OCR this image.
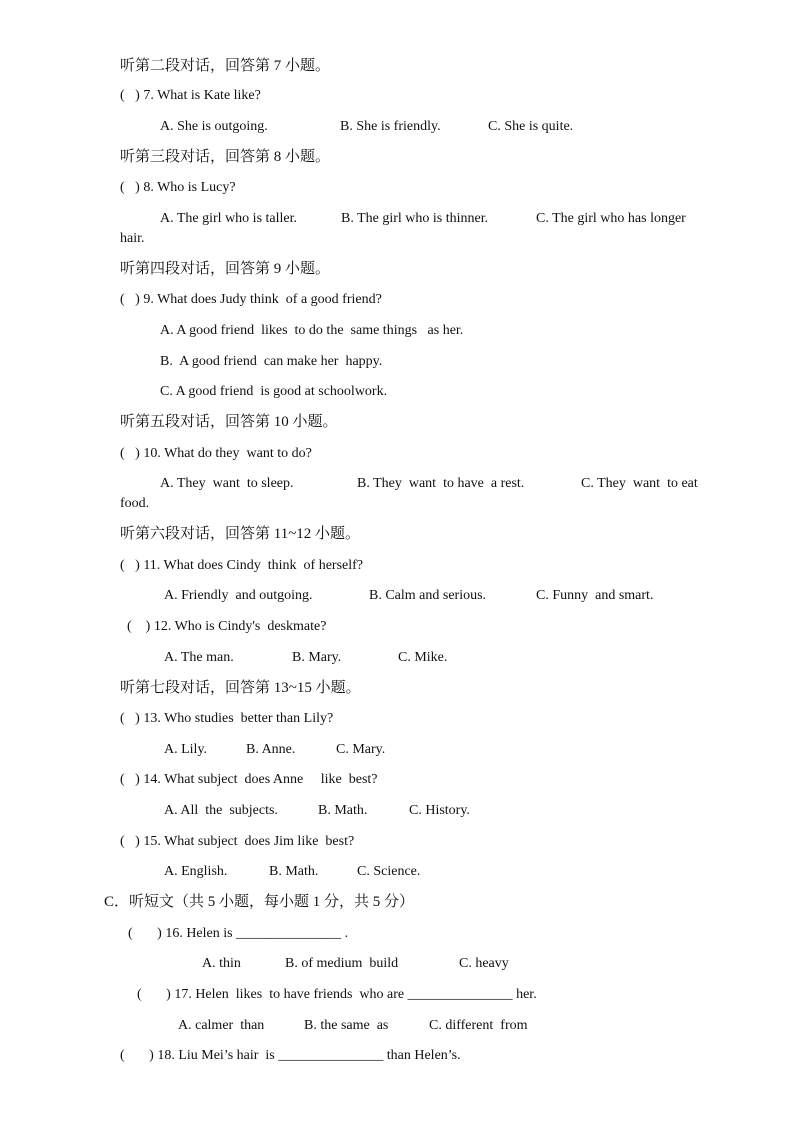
听第二段对话，回答第 7 小题。
(   ) 7. What is Kate like?
A. She is outgoing.	B. She is friendly.	C. She is quite.
听第三段对话，回答第 8 小题。
(   ) 8. Who is Lucy?
A. The girl who is taller.	B. The girl who is thinner.	C. The girl who has longer
hair.
听第四段对话，回答第 9 小题。
(   ) 9. What does Judy think  of a good friend?
A. A good friend  likes  to do the  same things   as her.
B.  A good friend  can make her  happy.
C. A good friend  is good at schoolwork.
听第五段对话，回答第 10 小题。
(   ) 10. What do they  want to do?
A. They  want  to sleep.	B. They  want  to have  a rest.	C. They  want  to eat
food.
听第六段对话，回答第 11~12 小题。
(   ) 11. What does Cindy  think  of herself?
A. Friendly  and outgoing.	B. Calm and serious.	C. Funny  and smart.
(    ) 12. Who is Cindy's  deskmate?
A. The man.	B. Mary.	C. Mike.
听第七段对话，回答第 13~15 小题。
(   ) 13. Who studies  better than Lily?
A. Lily.	B. Anne.	C. Mary.
(   ) 14. What subject  does Anne     like  best?
A. All  the  subjects.	B. Math.	C. History.
(   ) 15. What subject  does Jim like  best?
A. English.	B. Math.	C. Science.
C．听短文（共 5 小题，每小题 1 分，共 5 分）
(       ) 16. Helen is _______________ .
A. thin	B. of medium  build	C. heavy
(       ) 17. Helen  likes  to have friends  who are _______________ her.
A. calmer  than	B. the same  as	C. different  from
(       ) 18. Liu Mei’s hair  is _______________ than Helen’s.
